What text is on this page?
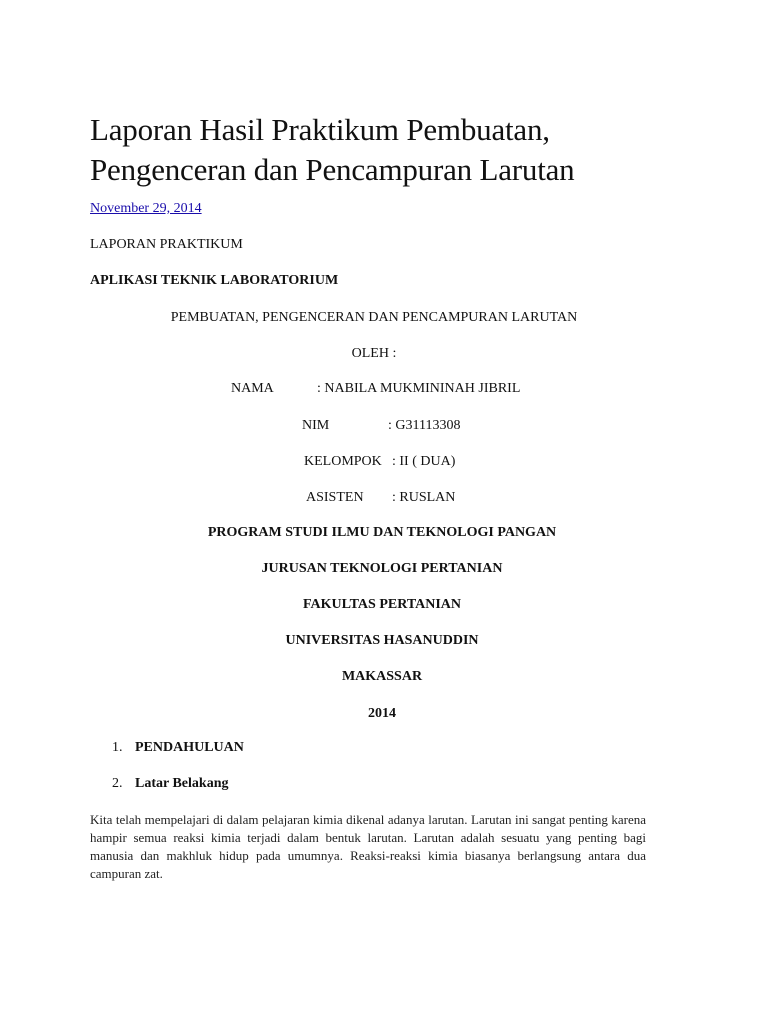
Laporan Hasil Praktikum Pembuatan,
Pengenceran dan Pencampuran Larutan
November 29, 2014
LAPORAN PRAKTIKUM
APLIKASI TEKNIK LABORATORIUM
PEMBUATAN, PENGENCERAN DAN PENCAMPURAN LARUTAN
OLEH :
NAMA	: NABILA MUKMININAH JIBRIL
NIM	: G31113308
KELOMPOK : II ( DUA)
ASISTEN : RUSLAN
PROGRAM STUDI ILMU DAN TEKNOLOGI PANGAN
JURUSAN TEKNOLOGI PERTANIAN
FAKULTAS PERTANIAN
UNIVERSITAS HASANUDDIN
MAKASSAR
2014
1. PENDAHULUAN
2. Latar Belakang

Kita telah mempelajari di dalam pelajaran kimia dikenal adanya larutan. Larutan ini sangat penting karena hampir semua reaksi kimia terjadi dalam bentuk larutan. Larutan adalah sesuatu yang penting bagi manusia dan makhluk hidup pada umumnya. Reaksi-reaksi kimia biasanya berlangsung antara dua campuran zat.
